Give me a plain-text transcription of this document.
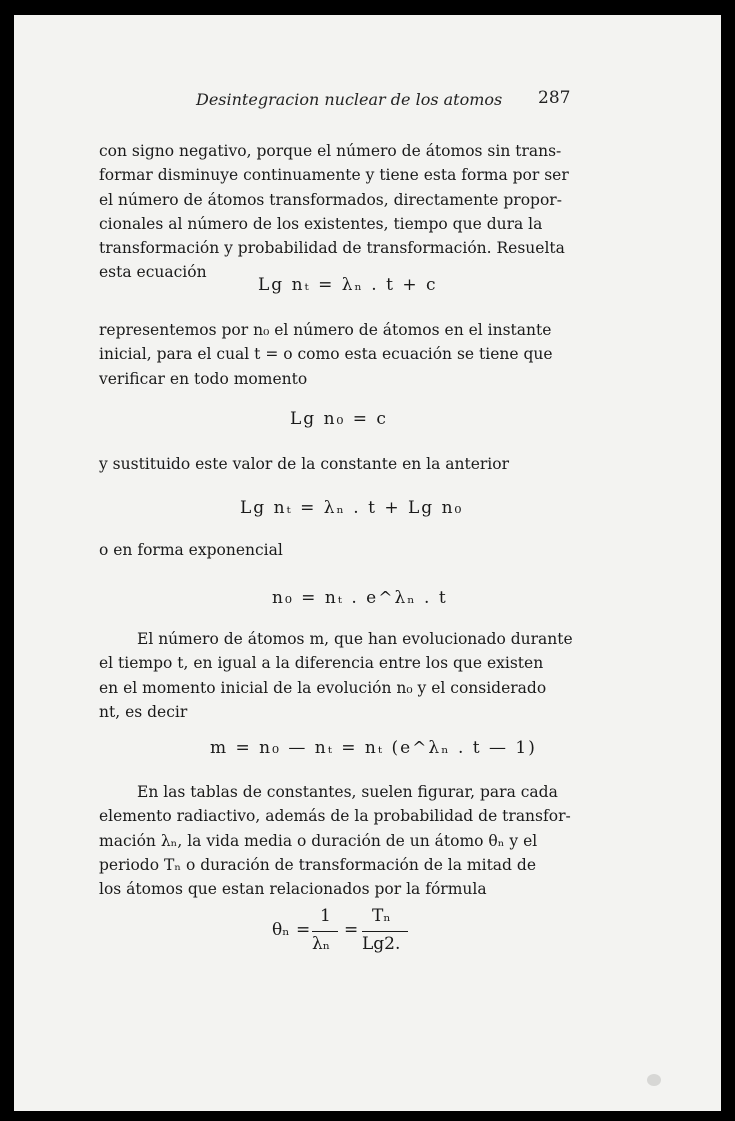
Desintegracion nuclear de los atomos 287

con signo negativo, porque el número de átomos sin trans-
formar disminuye continuamente y tiene esta forma por ser
el número de átomos transformados, directamente propor-
cionales al número de los existentes, tiempo que dura la
transformación y probabilidad de transformación. Resuelta
esta ecuación

Lg nₜ = λₙ . t + c

representemos por n₀ el número de átomos en el instante
inicial, para el cual t = o como esta ecuación se tiene que
verificar en todo momento

Lg n₀ = c

y sustituido este valor de la constante en la anterior

Lg nₜ = λₙ . t + Lg n₀

o en forma exponencial

n₀ = nₜ . e^λₙ . t

El número de átomos m, que han evolucionado durante
el tiempo t, en igual a la diferencia entre los que existen
en el momento inicial de la evolución n₀ y el considerado
nt, es decir

m = n₀ — nₜ = nₜ (e^λₙ . t — 1)

En las tablas de constantes, suelen figurar, para cada
elemento radiactivo, además de la probabilidad de transfor-
mación λₙ, la vida media o duración de un átomo θₙ y el
periodo Tₙ o duración de transformación de la mitad de
los átomos que estan relacionados por la fórmula

θₙ =
1
λₙ
=
Tₙ
Lg2.
